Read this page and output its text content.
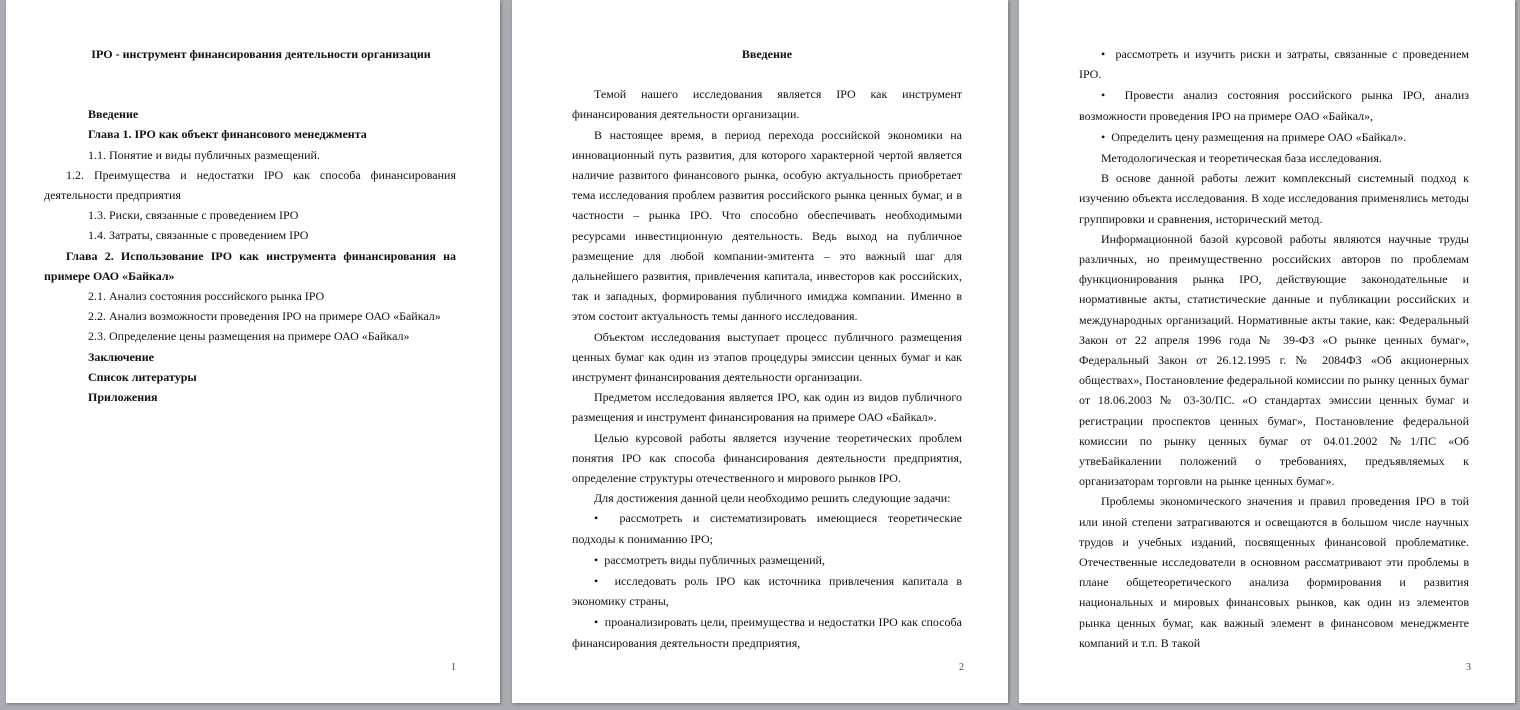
IPO - инструмент финансирования деятельности организации

Введение

Глава 1. IPO как объект финансового менеджмента

1.1. Понятие и виды публичных размещений.

1.2. Преимущества и недостатки IPO как способа финансирования деятельности предприятия

1.3. Риски, связанные с проведением IPO

1.4. Затраты, связанные с проведением IPO

Глава 2. Использование IPO как инструмента финансирования на примере ОАО «Байкал»

2.1. Анализ состояния российского рынка IPO

2.2. Анализ возможности проведения IPO на примере ОАО «Байкал»

2.3. Определение цены размещения на примере ОАО «Байкал»

Заключение

Список литературы

Приложения

1

Введение

Темой нашего исследования является IPO как инструмент финансирования деятельности организации.

В настоящее время, в период перехода российской экономики на инновационный путь развития, для которого характерной чертой является наличие развитого финансового рынка, особую актуальность приобретает тема исследования проблем развития российского рынка ценных бумаг, и в частности – рынка IPO. Что способно обеспечивать необходимыми ресурсами инвестиционную деятельность. Ведь выход на публичное размещение для любой компании-эмитента – это важный шаг для дальнейшего развития, привлечения капитала, инвесторов как российских, так и западных, формирования публичного имиджа компании. Именно в этом состоит актуальность темы данного исследования.

Объектом исследования выступает процесс публичного размещения ценных бумаг как один из этапов процедуры эмиссии ценных бумаг и как инструмент финансирования деятельности организации.

Предметом исследования является IPO, как один из видов публичного размещения и инструмент финансирования на примере ОАО «Байкал».

Целью курсовой работы является изучение теоретических проблем понятия IPO как способа финансирования деятельности предприятия, определение структуры отечественного и мирового рынков IPO.

Для достижения данной цели необходимо решить следующие задачи:

•  рассмотреть и систематизировать имеющиеся теоретические подходы к пониманию IPO;

•  рассмотреть виды публичных размещений,

•  исследовать роль IPO как источника привлечения капитала в экономику страны,

•  проанализировать цели, преимущества и недостатки IPO как способа финансирования деятельности предприятия,

2

•  рассмотреть и изучить риски и затраты, связанные с проведением IPO.

•  Провести анализ состояния российского рынка IPO, анализ возможности проведения IPO на примере ОАО «Байкал»,

•  Определить цену размещения на примере ОАО «Байкал».

Методологическая и теоретическая база исследования.

В основе данной работы лежит комплексный системный подход к изучению объекта исследования. В ходе исследования применялись методы группировки и сравнения, исторический метод.

Информационной базой курсовой работы являются научные труды различных, но преимущественно российских авторов по проблемам функционирования рынка IPO, действующие законодательные и нормативные акты, статистические данные и публикации российских и международных организаций. Нормативные акты такие, как: Федеральный Закон от 22 апреля 1996 года № 39-ФЗ «О рынке ценных бумаг», Федеральный Закон от 26.12.1995 г. № 2084ФЗ «Об акционерных обществах», Постановление федеральной комиссии по рынку ценных бумаг от 18.06.2003 № 03-30/ПС. «О стандартах эмиссии ценных бумаг и регистрации проспектов ценных бумаг», Постановление федеральной комиссии по рынку ценных бумаг от 04.01.2002 №1/ПС «Об утвеБайкалении положений о требованиях, предъявляемых к организаторам торговли на рынке ценных бумаг».

Проблемы экономического значения и правил проведения IPO в той или иной степени затрагиваются и освещаются в большом числе научных трудов и учебных изданий, посвященных финансовой проблематике. Отечественные исследователи в основном рассматривают эти проблемы в плане общетеоретического анализа формирования и развития национальных и мировых финансовых рынков, как один из элементов рынка ценных бумаг, как важный элемент в финансовом менеджменте компаний и т.п. В такой

3
